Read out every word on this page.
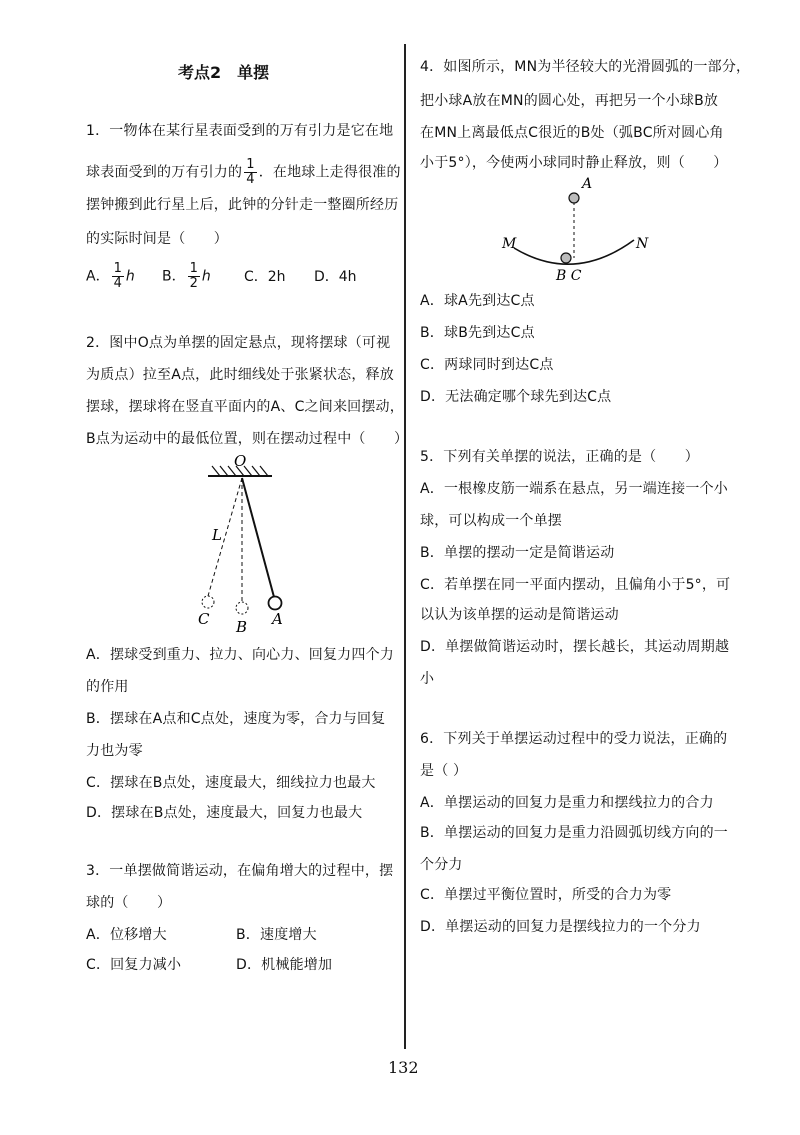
考点2　单摆
1．一物体在某行星表面受到的万有引力是它在地
球表面受到的万有引力的 $\frac{1}{4}$ ．在地球上走得很准的
摆钟搬到此行星上后，此钟的分针走一整圈所经历
的实际时间是（　　）
A． $\frac{1}{4}$ h B． $\frac{1}{2}$ h C．2h D．4h
2．图中O点为单摆的固定悬点，现将摆球（可视
为质点）拉至A点，此时细线处于张紧状态，释放
摆球，摆球将在竖直平面内的A、C之间来回摆动，
B点为运动中的最低位置，则在摆动过程中（　　）
O
L
C B A
A．摆球受到重力、拉力、向心力、回复力四个力
的作用
B．摆球在A点和C点处，速度为零，合力与回复
力也为零
C．摆球在B点处，速度最大，细线拉力也最大
D．摆球在B点处，速度最大，回复力也最大
3．一单摆做简谐运动，在偏角增大的过程中，摆
球的（　　）
A．位移增大	B．速度增大
C．回复力减小	D．机械能增加
4．如图所示，MN为半径较大的光滑圆弧的一部分，
把小球A放在MN的圆心处，再把另一个小球B放
在MN上离最低点C很近的B处（弧BC所对圆心角
小于5°），今使两小球同时静止释放，则（　　）
A
M	N
B C
A．球A先到达C点
B．球B先到达C点
C．两球同时到达C点
D．无法确定哪个球先到达C点
5．下列有关单摆的说法，正确的是（　　）
A．一根橡皮筋一端系在悬点，另一端连接一个小
球，可以构成一个单摆
B．单摆的摆动一定是简谐运动
C．若单摆在同一平面内摆动，且偏角小于5°，可
以认为该单摆的运动是简谐运动
D．单摆做简谐运动时，摆长越长，其运动周期越
小
6．下列关于单摆运动过程中的受力说法，正确的
是（ ）
A．单摆运动的回复力是重力和摆线拉力的合力
B．单摆运动的回复力是重力沿圆弧切线方向的一
个分力
C．单摆过平衡位置时，所受的合力为零
D．单摆运动的回复力是摆线拉力的一个分力
132
